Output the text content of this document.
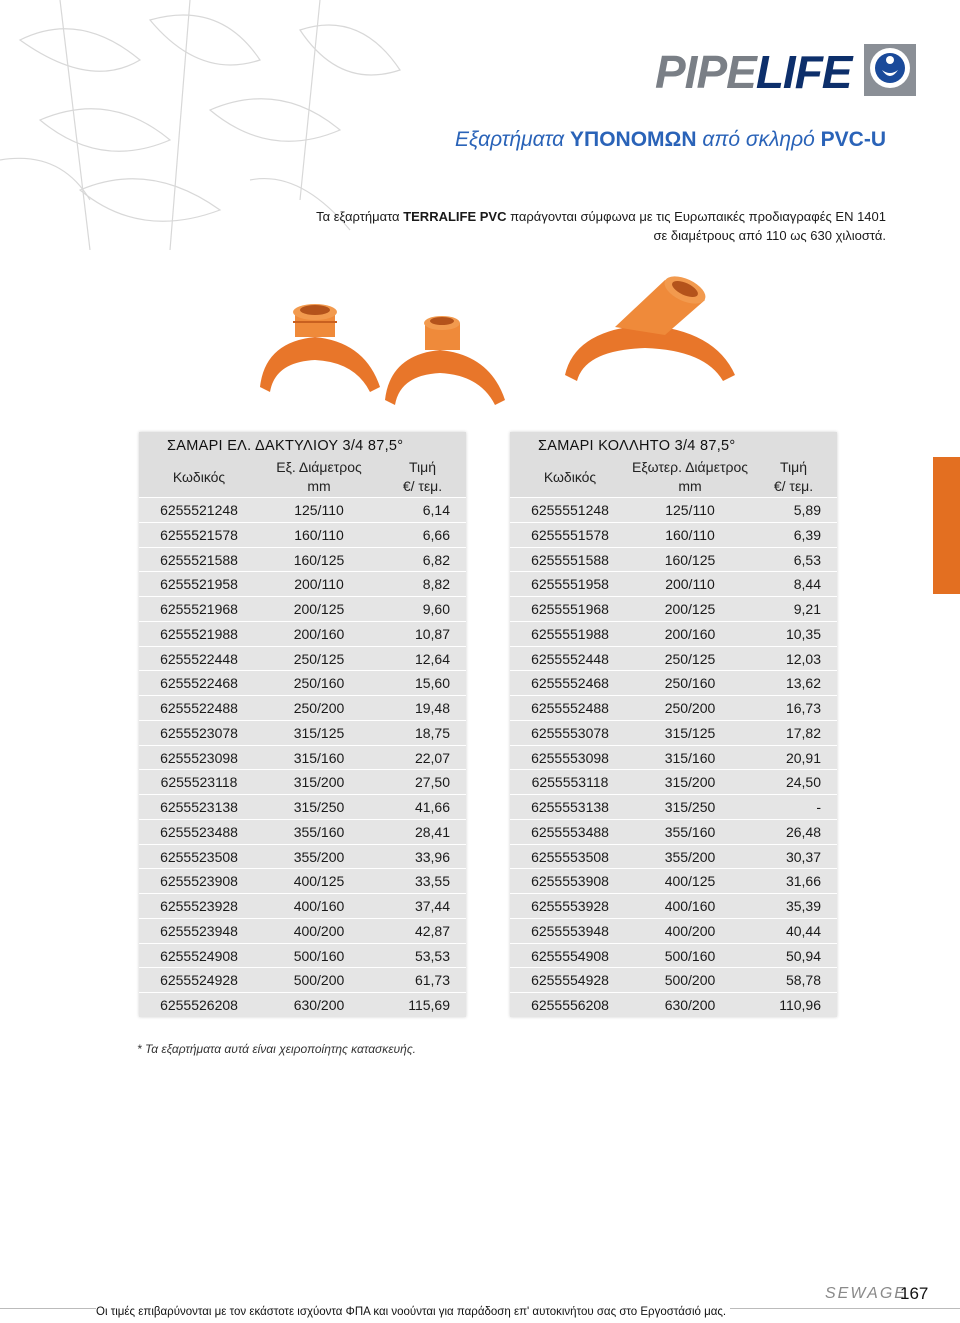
PIPELIFE
Εξαρτήματα ΥΠΟΝΟΜΩΝ από σκληρό PVC-U

Τα εξαρτήματα TERRALIFE PVC παράγονται σύμφωνα με τις Ευρωπαικές προδιαγραφές ΕΝ 1401

σε διαμέτρους από 110 ως 630 χιλιοστά.

ΣΑΜΑΡΙ ΕΛ. ΔΑΚΤΥΛΙΟΥ 3/4 87,5°
Κωδικός
Εξ. Διάμετρος
mm
Τιμή
€/ τεμ.
6255521248	125/110	6,14
6255521578	160/110	6,66
6255521588	160/125	6,82
6255521958	200/110	8,82
6255521968	200/125	9,60
6255521988	200/160	10,87
6255522448	250/125	12,64
6255522468	250/160	15,60
6255522488	250/200	19,48
6255523078	315/125	18,75
6255523098	315/160	22,07
6255523118	315/200	27,50
6255523138	315/250	41,66
6255523488	355/160	28,41
6255523508	355/200	33,96
6255523908	400/125	33,55
6255523928	400/160	37,44
6255523948	400/200	42,87
6255524908	500/160	53,53
6255524928	500/200	61,73
6255526208	630/200	115,69
ΣΑΜΑΡΙ ΚΟΛΛΗΤΟ 3/4 87,5°
Κωδικός
Εξωτερ. Διάμετρος
mm
Τιμή
€/ τεμ.
6255551248	125/110	5,89
6255551578	160/110	6,39
6255551588	160/125	6,53
6255551958	200/110	8,44
6255551968	200/125	9,21
6255551988	200/160	10,35
6255552448	250/125	12,03
6255552468	250/160	13,62
6255552488	250/200	16,73
6255553078	315/125	17,82
6255553098	315/160	20,91
6255553118	315/200	24,50
6255553138	315/250	-
6255553488	355/160	26,48
6255553508	355/200	30,37
6255553908	400/125	31,66
6255553928	400/160	35,39
6255553948	400/200	40,44
6255554908	500/160	50,94
6255554928	500/200	58,78
6255556208	630/200	110,96
* Τα εξαρτήματα αυτά είναι χειροποίητης κατασκευής.
Οι τιμές επιβαρύνονται με τον εκάστοτε ισχύοντα ΦΠΑ και νοούνται για παράδοση επ' αυτοκινήτου σας στο Εργοστάσιό μας.
SEWAGE
167
